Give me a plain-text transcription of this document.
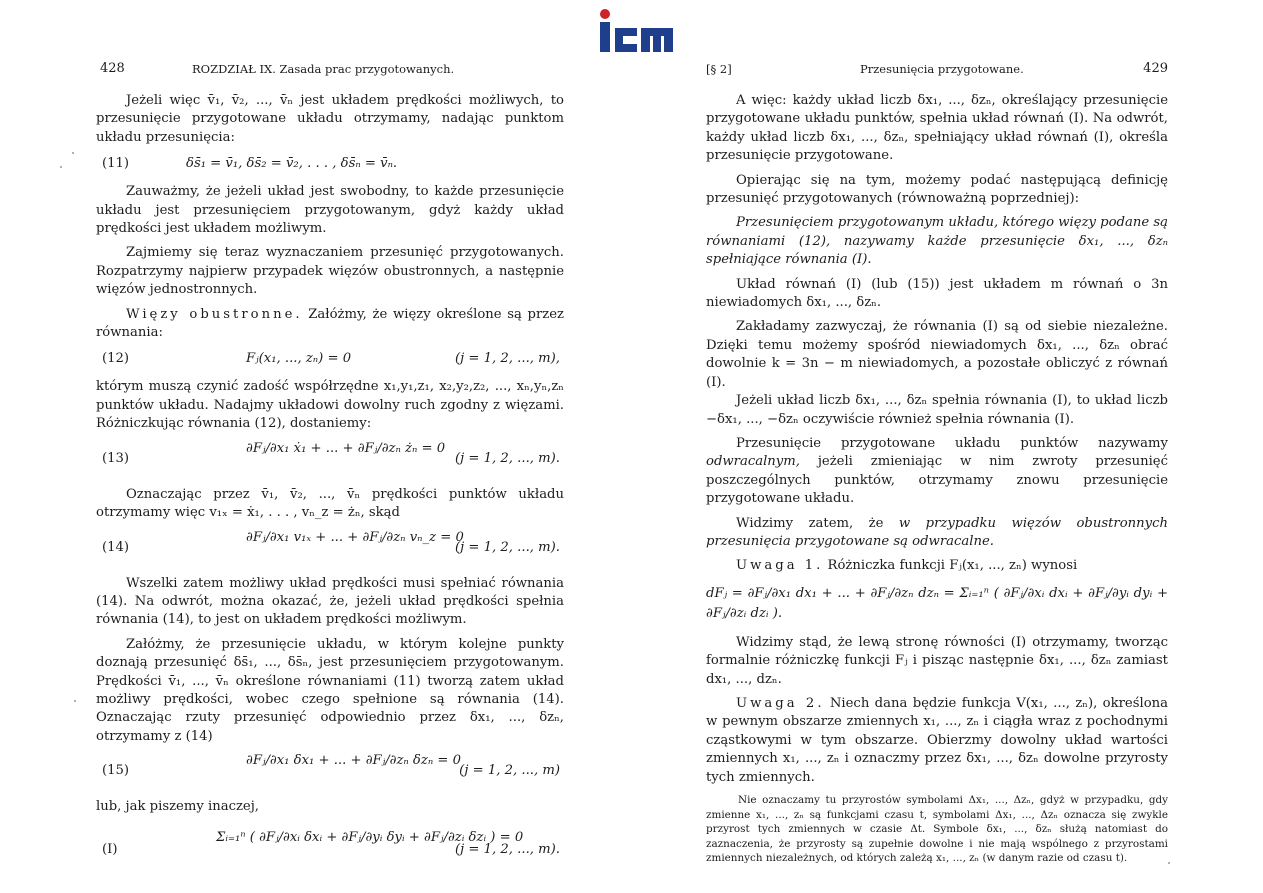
428	ROZDZIAŁ IX. Zasada prac przygotowanych.

Jeżeli więc v̄₁, v̄₂, ..., v̄ₙ jest układem prędkości możliwych, to przesunięcie przygotowane układu otrzymamy, nadając punktom układu przesunięcia:

(11)	δs̄₁ = v̄₁, δs̄₂ = v̄₂, . . . , δs̄ₙ = v̄ₙ.

Zauważmy, że jeżeli układ jest swobodny, to każde przesunięcie układu jest przesunięciem przygotowanym, gdyż każdy układ prędkości jest układem możliwym.

Zajmiemy się teraz wyznaczaniem przesunięć przygotowanych. Rozpatrzymy najpierw przypadek więzów obustronnych, a następnie więzów jednostronnych.

Więzy obustronne. Załóżmy, że więzy określone są przez równania:

(12)	Fⱼ(x₁, ..., zₙ) = 0	(j = 1, 2, ..., m),

którym muszą czynić zadość współrzędne x₁,y₁,z₁, x₂,y₂,z₂, ..., xₙ,yₙ,zₙ punktów układu. Nadajmy układowi dowolny ruch zgodny z więzami. Różniczkując równania (12), dostaniemy:

(13)
∂Fⱼ/∂x₁ ẋ₁ + ... + ∂Fⱼ/∂zₙ żₙ = 0
(j = 1, 2, ..., m).

Oznaczając przez v̄₁, v̄₂, ..., v̄ₙ prędkości punktów układu otrzymamy więc v₁ₓ = ẋ₁, . . . , vₙ_z = żₙ, skąd

(14)
∂Fⱼ/∂x₁ v₁ₓ + ... + ∂Fⱼ/∂zₙ vₙ_z = 0
(j = 1, 2, ..., m).

Wszelki zatem możliwy układ prędkości musi spełniać równania (14). Na odwrót, można okazać, że, jeżeli układ prędkości spełnia równania (14), to jest on układem prędkości możliwym.

Załóżmy, że przesunięcie układu, w którym kolejne punkty doznają przesunięć δs̄₁, ..., δs̄ₙ, jest przesunięciem przygotowanym. Prędkości v̄₁, ..., v̄ₙ określone równaniami (11) tworzą zatem układ możliwy prędkości, wobec czego spełnione są równania (14). Oznaczając rzuty przesunięć odpowiednio przez δx₁, ..., δzₙ, otrzymamy z (14)

(15)
∂Fⱼ/∂x₁ δx₁ + ... + ∂Fⱼ/∂zₙ δzₙ = 0
(j = 1, 2, ..., m)

lub, jak piszemy inaczej,

(I)
Σᵢ₌₁ⁿ ( ∂Fⱼ/∂xᵢ δxᵢ + ∂Fⱼ/∂yᵢ δyᵢ + ∂Fⱼ/∂zᵢ δzᵢ ) = 0
(j = 1, 2, ..., m).
[§ 2]	Przesunięcia przygotowane.	429

A więc: każdy układ liczb δx₁, ..., δzₙ, określający przesunięcie przygotowane układu punktów, spełnia układ równań (I). Na odwrót, każdy układ liczb δx₁, ..., δzₙ, spełniający układ równań (I), określa przesunięcie przygotowane.

Opierając się na tym, możemy podać następującą definicję przesunięć przygotowanych (równoważną poprzedniej):

Przesunięciem przygotowanym układu, którego więzy podane są równaniami (12), nazywamy każde przesunięcie δx₁, ..., δzₙ spełniające równania (I).

Układ równań (I) (lub (15)) jest układem m równań o 3n niewiadomych δx₁, ..., δzₙ.

Zakładamy zazwyczaj, że równania (I) są od siebie niezależne. Dzięki temu możemy spośród niewiadomych δx₁, ..., δzₙ obrać dowolnie k = 3n − m niewiadomych, a pozostałe obliczyć z równań (I).

Jeżeli układ liczb δx₁, ..., δzₙ spełnia równania (I), to układ liczb −δx₁, ..., −δzₙ oczywiście również spełnia równania (I).

Przesunięcie przygotowane układu punktów nazywamy odwracalnym, jeżeli zmieniając w nim zwroty przesunięć poszczególnych punktów, otrzymamy znowu przesunięcie przygotowane układu.

Widzimy zatem, że w przypadku więzów obustronnych przesunięcia przygotowane są odwracalne.

Uwaga 1. Różniczka funkcji Fⱼ(x₁, ..., zₙ) wynosi

dFⱼ = ∂Fⱼ/∂x₁ dx₁ + ... + ∂Fⱼ/∂zₙ dzₙ = Σᵢ₌₁ⁿ ( ∂Fⱼ/∂xᵢ dxᵢ + ∂Fⱼ/∂yᵢ dyᵢ + ∂Fⱼ/∂zᵢ dzᵢ ).

Widzimy stąd, że lewą stronę równości (I) otrzymamy, tworząc formalnie różniczkę funkcji Fⱼ i pisząc następnie δx₁, ..., δzₙ zamiast dx₁, ..., dzₙ.

Uwaga 2. Niech dana będzie funkcja V(x₁, ..., zₙ), określona w pewnym obszarze zmiennych x₁, ..., zₙ i ciągła wraz z pochodnymi cząstkowymi w tym obszarze. Obierzmy dowolny układ wartości zmiennych x₁, ..., zₙ i oznaczmy przez δx₁, ..., δzₙ dowolne przyrosty tych zmiennych.

Nie oznaczamy tu przyrostów symbolami Δx₁, ..., Δzₙ, gdyż w przypadku, gdy zmienne x₁, ..., zₙ są funkcjami czasu t, symbolami Δx₁, ..., Δzₙ oznacza się zwykle przyrost tych zmiennych w czasie Δt. Symbole δx₁, ..., δzₙ służą natomiast do zaznaczenia, że przyrosty są zupełnie dowolne i nie mają wspólnego z przyrostami zmiennych niezależnych, od których zależą x₁, ..., zₙ (w danym razie od czasu t).
